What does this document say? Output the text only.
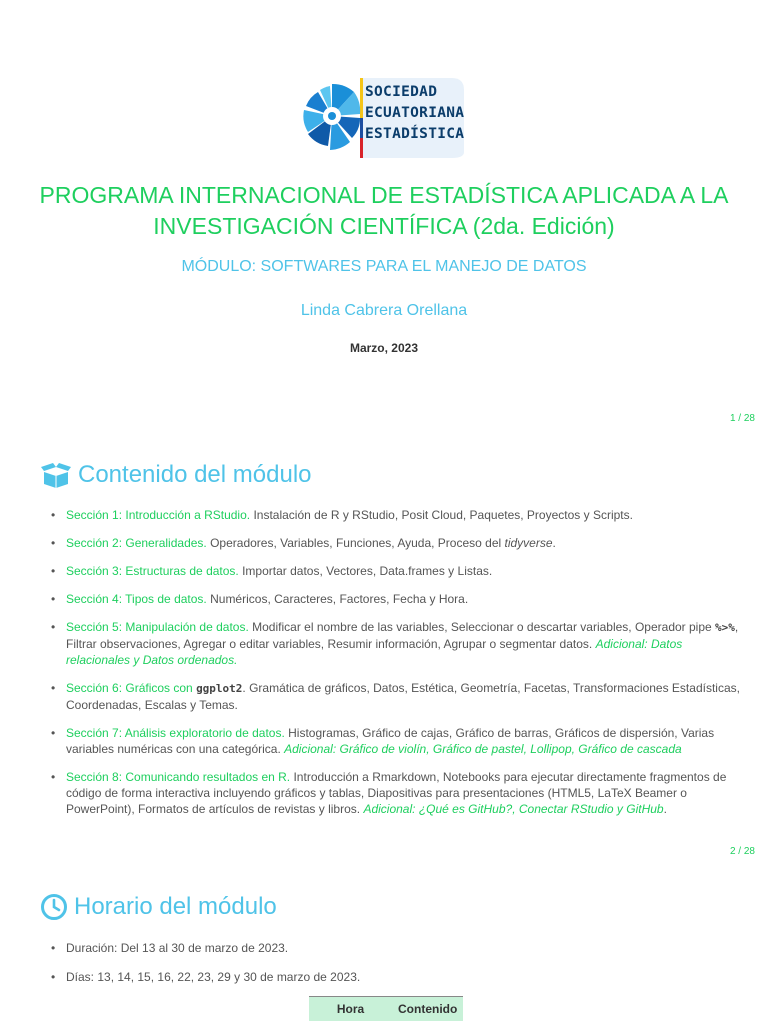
SOCIEDAD
ECUATORIANA
ESTADÍSTICA
PROGRAMA INTERNACIONAL DE ESTADÍSTICA APLICADA A LA INVESTIGACIÓN CIENTÍFICA (2da. Edición)
MÓDULO: SOFTWARES PARA EL MANEJO DE DATOS
Linda Cabrera Orellana
Marzo, 2023
1 / 28
Contenido del módulo
• Sección 1: Introducción a RStudio. Instalación de R y RStudio, Posit Cloud, Paquetes, Proyectos y Scripts.
• Sección 2: Generalidades. Operadores, Variables, Funciones, Ayuda, Proceso del tidyverse.
• Sección 3: Estructuras de datos. Importar datos, Vectores, Data.frames y Listas.
• Sección 4: Tipos de datos. Numéricos, Caracteres, Factores, Fecha y Hora.
• Sección 5: Manipulación de datos. Modificar el nombre de las variables, Seleccionar o descartar variables, Operador pipe %>%, Filtrar observaciones, Agregar o editar variables, Resumir información, Agrupar o segmentar datos. Adicional: Datos relacionales y Datos ordenados.
• Sección 6: Gráficos con ggplot2. Gramática de gráficos, Datos, Estética, Geometría, Facetas, Transformaciones Estadísticas, Coordenadas, Escalas y Temas.
• Sección 7: Análisis exploratorio de datos. Histogramas, Gráfico de cajas, Gráfico de barras, Gráficos de dispersión, Varias variables numéricas con una categórica. Adicional: Gráfico de violín, Gráfico de pastel, Lollipop, Gráfico de cascada
• Sección 8: Comunicando resultados en R. Introducción a Rmarkdown, Notebooks para ejecutar directamente fragmentos de código de forma interactiva incluyendo gráficos y tablas, Diapositivas para presentaciones (HTML5, LaTeX Beamer o PowerPoint), Formatos de artículos de revistas y libros. Adicional: ¿Qué es GitHub?, Conectar RStudio y GitHub.
2 / 28
Horario del módulo
• Duración: Del 13 al 30 de marzo de 2023.
• Días: 13, 14, 15, 16, 22, 23, 29 y 30 de marzo de 2023.
Hora	Contenido
